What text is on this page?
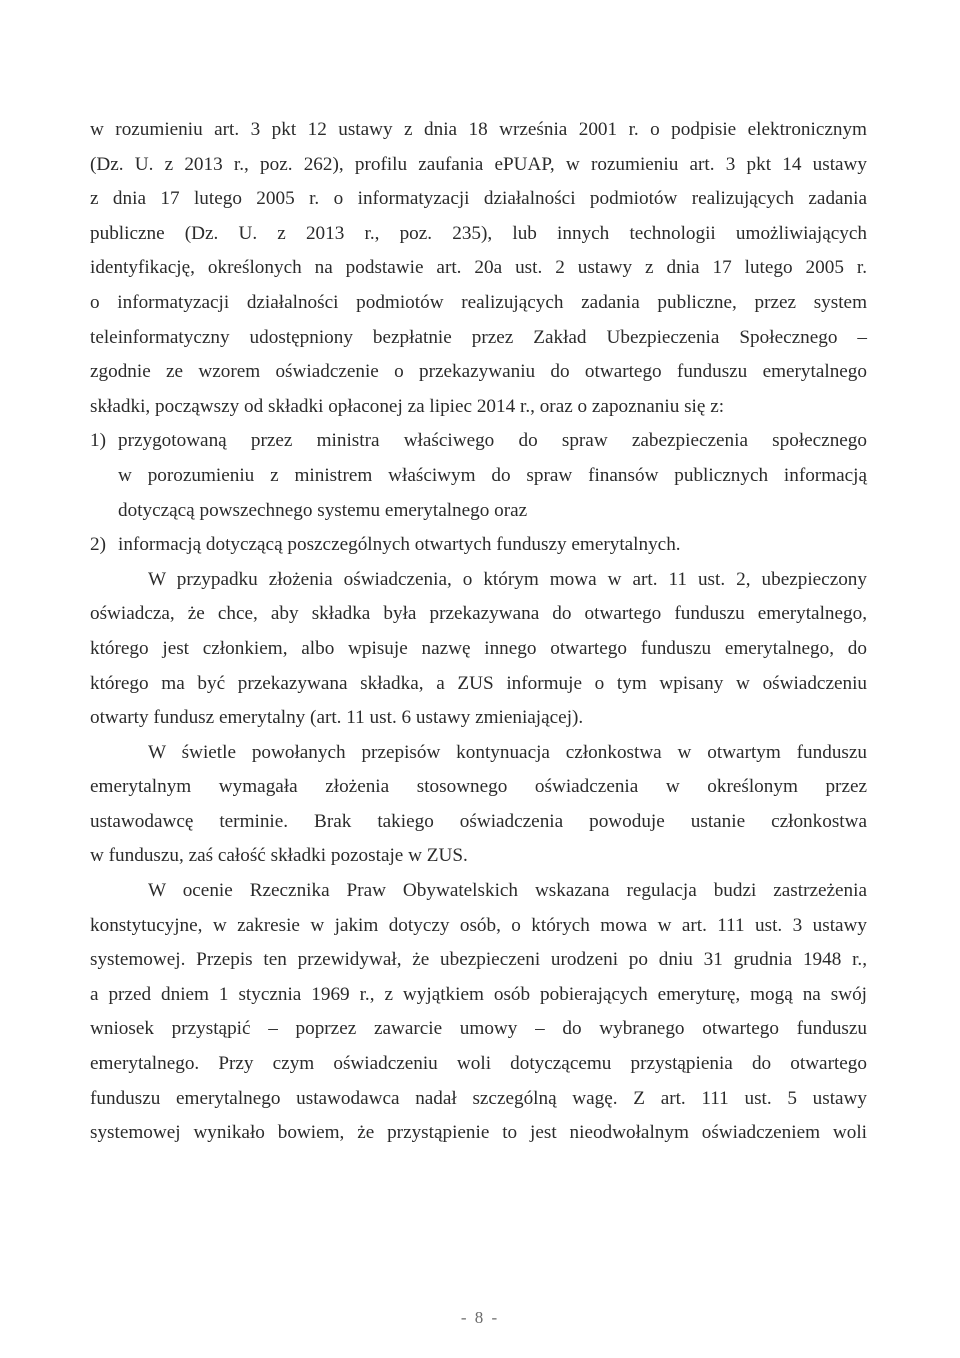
w rozumieniu art. 3 pkt 12 ustawy z dnia 18 września 2001 r. o podpisie elektronicznym
(Dz. U. z 2013 r., poz. 262), profilu zaufania ePUAP, w rozumieniu art. 3 pkt 14 ustawy
z dnia 17 lutego 2005 r. o informatyzacji działalności podmiotów realizujących zadania
publiczne (Dz. U. z 2013 r., poz. 235), lub innych technologii umożliwiających
identyfikację, określonych na podstawie art. 20a ust. 2 ustawy z dnia 17 lutego 2005 r.
o informatyzacji działalności podmiotów realizujących zadania publiczne, przez system
teleinformatyczny udostępniony bezpłatnie przez Zakład Ubezpieczenia Społecznego –
zgodnie ze wzorem oświadczenie o przekazywaniu do otwartego funduszu emerytalnego
składki, począwszy od składki opłaconej za lipiec 2014 r., oraz o zapoznaniu się z:
1) przygotowaną przez ministra właściwego do spraw zabezpieczenia społecznego
w porozumieniu z ministrem właściwym do spraw finansów publicznych informacją
dotyczącą powszechnego systemu emerytalnego oraz
2) informacją dotyczącą poszczególnych otwartych funduszy emerytalnych.
W przypadku złożenia oświadczenia, o którym mowa w art. 11 ust. 2, ubezpieczony
oświadcza, że chce, aby składka była przekazywana do otwartego funduszu emerytalnego,
którego jest członkiem, albo wpisuje nazwę innego otwartego funduszu emerytalnego, do
którego ma być przekazywana składka, a ZUS informuje o tym wpisany w oświadczeniu
otwarty fundusz emerytalny (art. 11 ust. 6 ustawy zmieniającej).
W świetle powołanych przepisów kontynuacja członkostwa w otwartym funduszu
emerytalnym wymagała złożenia stosownego oświadczenia w określonym przez
ustawodawcę terminie. Brak takiego oświadczenia powoduje ustanie członkostwa
w funduszu, zaś całość składki pozostaje w ZUS.
W ocenie Rzecznika Praw Obywatelskich wskazana regulacja budzi zastrzeżenia
konstytucyjne, w zakresie w jakim dotyczy osób, o których mowa w art. 111 ust. 3 ustawy
systemowej. Przepis ten przewidywał, że ubezpieczeni urodzeni po dniu 31 grudnia 1948 r.,
a przed dniem 1 stycznia 1969 r., z wyjątkiem osób pobierających emeryturę, mogą na swój
wniosek przystąpić – poprzez zawarcie umowy – do wybranego otwartego funduszu
emerytalnego. Przy czym oświadczeniu woli dotyczącemu przystąpienia do otwartego
funduszu emerytalnego ustawodawca nadał szczególną wagę. Z art. 111 ust. 5 ustawy
systemowej wynikało bowiem, że przystąpienie to jest nieodwołalnym oświadczeniem woli
- 8 -
